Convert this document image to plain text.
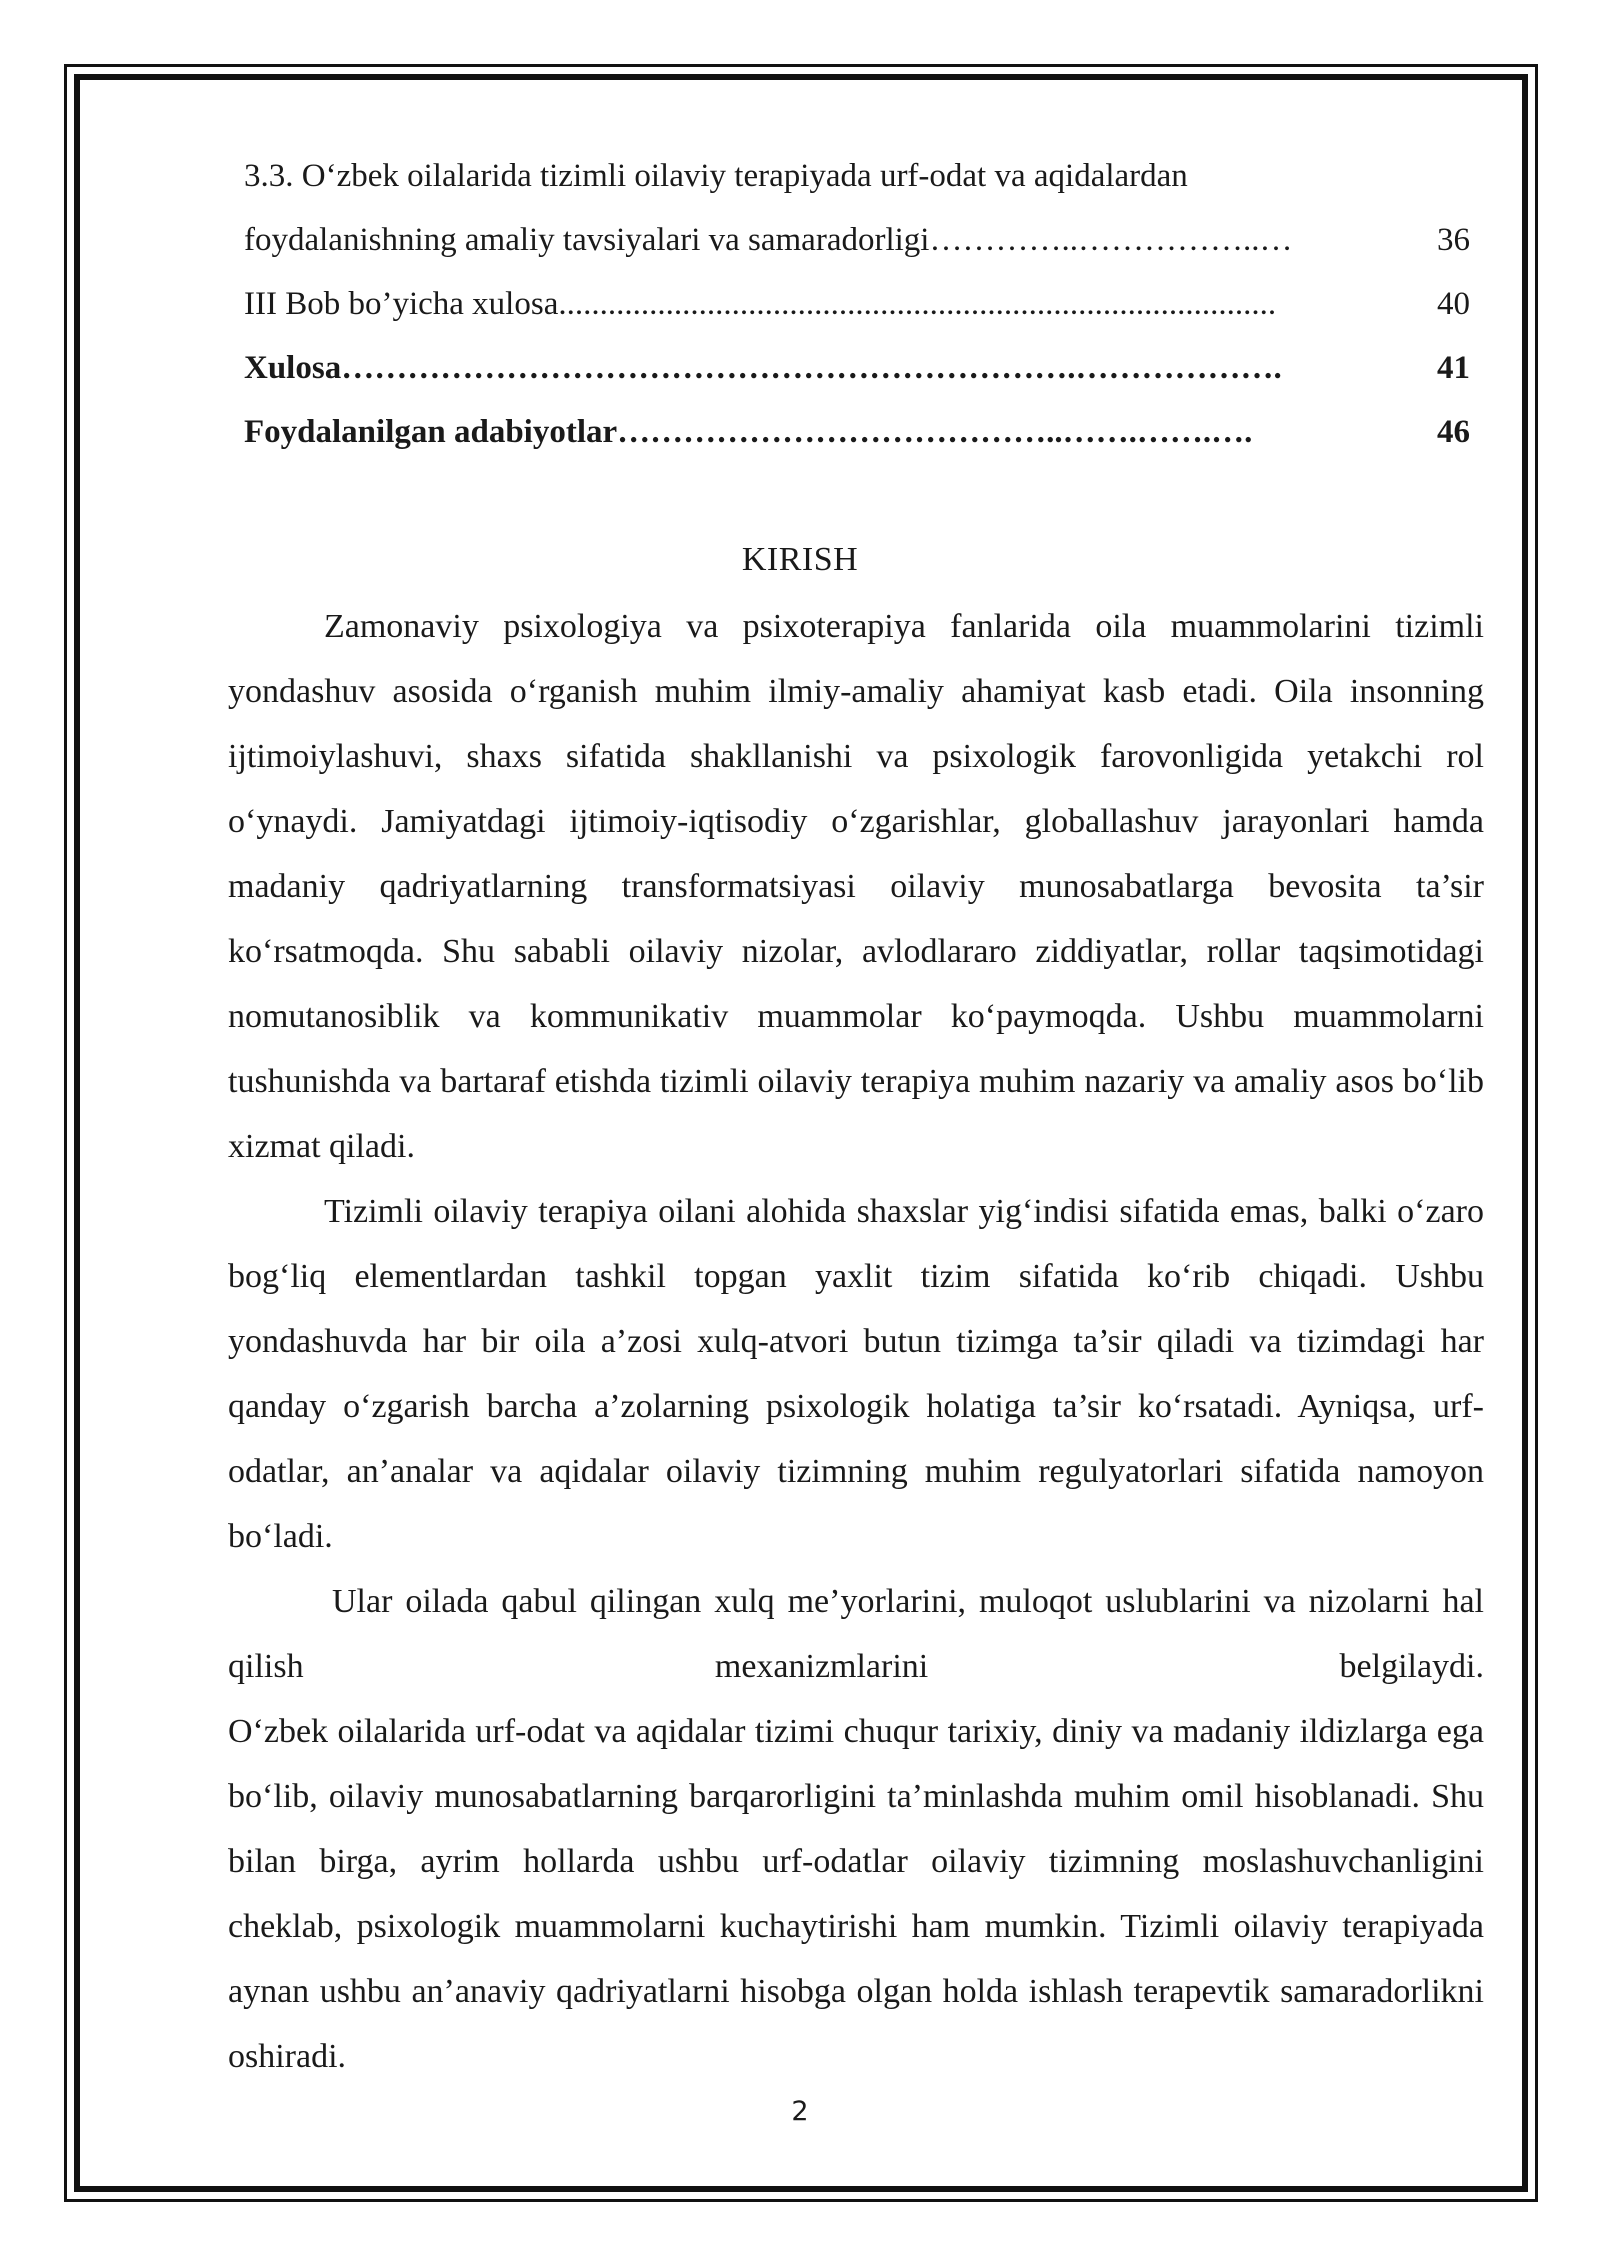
3.3. O‘zbek oilalarida tizimli oilaviy terapiyada urf-odat va aqidalardan
foydalanishning amaliy tavsiyalari va samaradorligi …………..……………..…	36
III Bob bo’yicha xulosa .......................................................................................	40
Xulosa ………………………………………………………….……………….	41
Foydalanilgan adabiyotlar …………………………………..…….…….….	46
KIRISH

Zamonaviy psixologiya va psixoterapiya fanlarida oila muammolarini tizimli yondashuv asosida o‘rganish muhim ilmiy-amaliy ahamiyat kasb etadi. Oila insonning ijtimoiylashuvi, shaxs sifatida shakllanishi va psixologik farovonligida yetakchi rol o‘ynaydi. Jamiyatdagi ijtimoiy-iqtisodiy o‘zgarishlar, globallashuv jarayonlari hamda madaniy qadriyatlarning transformatsiyasi oilaviy munosabatlarga bevosita ta’sir ko‘rsatmoqda. Shu sababli oilaviy nizolar, avlodlararo ziddiyatlar, rollar taqsimotidagi nomutanosiblik va kommunikativ muammolar ko‘paymoqda. Ushbu muammolarni tushunishda va bartaraf etishda tizimli oilaviy terapiya muhim nazariy va amaliy asos bo‘lib xizmat qiladi.

Tizimli oilaviy terapiya oilani alohida shaxslar yig‘indisi sifatida emas, balki o‘zaro bog‘liq elementlardan tashkil topgan yaxlit tizim sifatida ko‘rib chiqadi. Ushbu yondashuvda har bir oila a’zosi xulq-atvori butun tizimga ta’sir qiladi va tizimdagi har qanday o‘zgarish barcha a’zolarning psixologik holatiga ta’sir ko‘rsatadi. Ayniqsa, urf-odatlar, an’analar va aqidalar oilaviy tizimning muhim regulyatorlari sifatida namoyon bo‘ladi.

Ular oilada qabul qilingan xulq me’yorlarini, muloqot uslublarini va nizolarni hal qilish mexanizmlarini belgilaydi.

O‘zbek oilalarida urf-odat va aqidalar tizimi chuqur tarixiy, diniy va madaniy ildizlarga ega bo‘lib, oilaviy munosabatlarning barqarorligini ta’minlashda muhim omil hisoblanadi. Shu bilan birga, ayrim hollarda ushbu urf-odatlar oilaviy tizimning moslashuvchanligini cheklab, psixologik muammolarni kuchaytirishi ham mumkin. Tizimli oilaviy terapiyada aynan ushbu an’anaviy qadriyatlarni hisobga olgan holda ishlash terapevtik samaradorlikni oshiradi.

2
